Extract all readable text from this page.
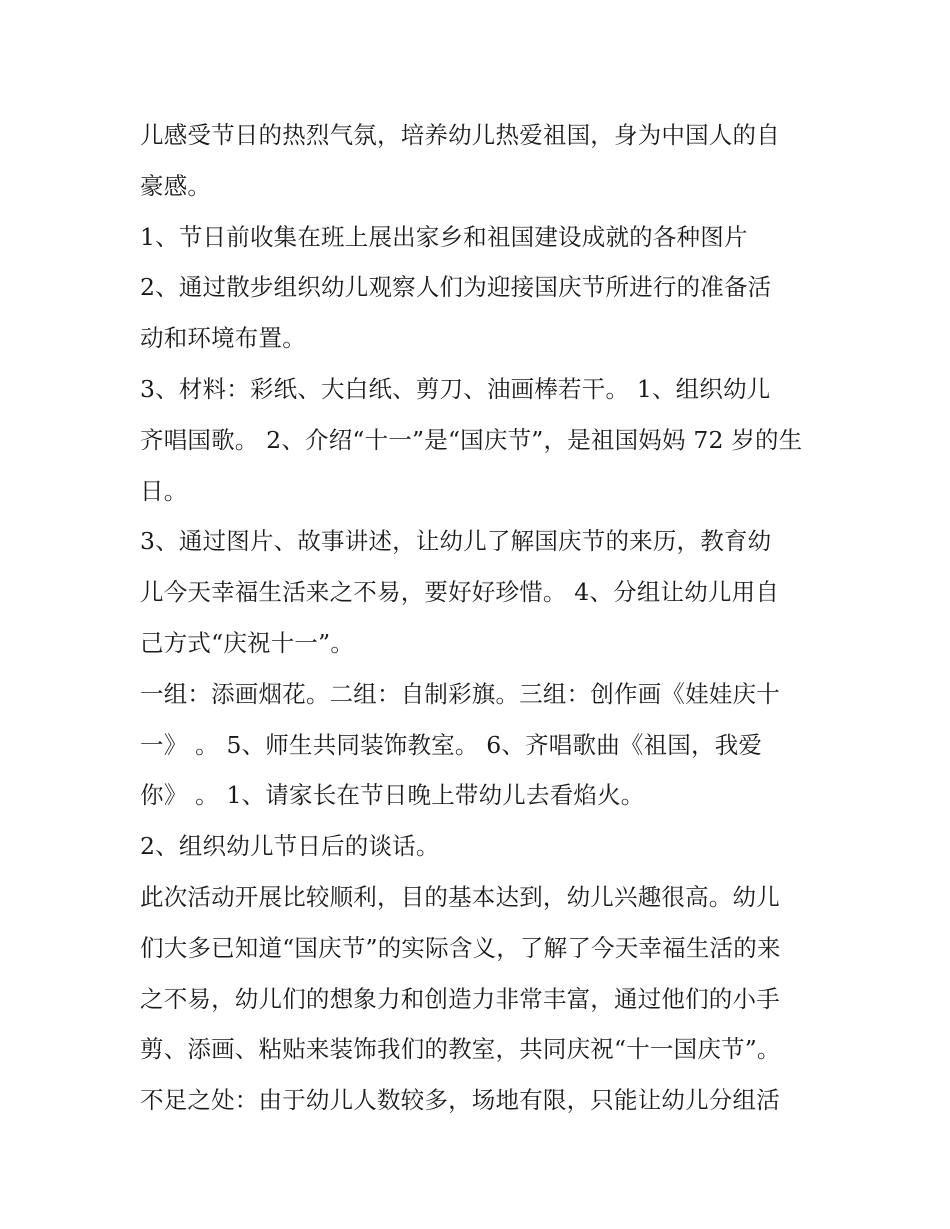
儿感受节日的热烈气氛，培养幼儿热爱祖国，身为中国人的自
豪感。
1、节日前收集在班上展出家乡和祖国建设成就的各种图片
2、通过散步组织幼儿观察人们为迎接国庆节所进行的准备活
动和环境布置。
3、材料：彩纸、大白纸、剪刀、油画棒若干。 1、组织幼儿
齐唱国歌。 2、介绍“十一”是“国庆节”，是祖国妈妈 72 岁的生
日。
3、通过图片、故事讲述，让幼儿了解国庆节的来历，教育幼
儿今天幸福生活来之不易，要好好珍惜。 4、分组让幼儿用自
己方式“庆祝十一”。
一组：添画烟花。二组：自制彩旗。三组：创作画《娃娃庆十
一》 。 5、师生共同装饰教室。 6、齐唱歌曲《祖国，我爱
你》 。 1、请家长在节日晚上带幼儿去看焰火。
2、组织幼儿节日后的谈话。
此次活动开展比较顺利，目的基本达到，幼儿兴趣很高。幼儿
们大多已知道“国庆节”的实际含义，了解了今天幸福生活的来
之不易，幼儿们的想象力和创造力非常丰富，通过他们的小手
剪、添画、粘贴来装饰我们的教室，共同庆祝“十一国庆节”。
不足之处：由于幼儿人数较多，场地有限，只能让幼儿分组活
